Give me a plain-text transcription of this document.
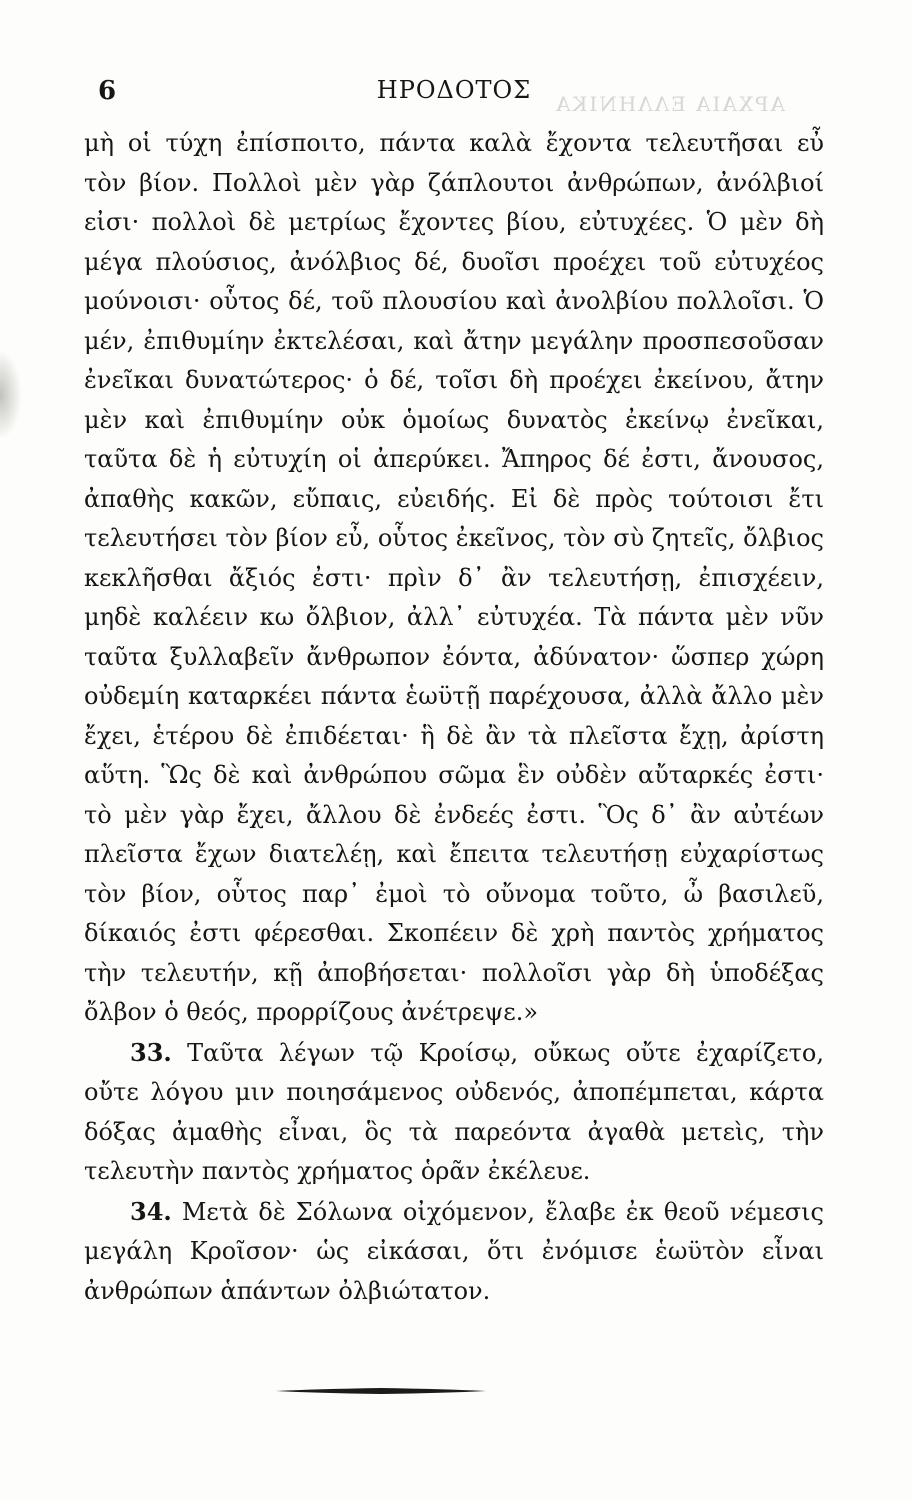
6	ΗΡΟΔΟΤΟΣ	ΑΡΧΑΙΑ ΕΛΛΗΝΙΚΑ

μὴ οἱ τύχη ἐπίσποιτο, πάντα καλὰ ἔχοντα τελευτῆσαι εὖ τὸν βίον. Πολλοὶ μὲν γὰρ ζάπλουτοι ἀνθρώπων, ἀνόλβιοί εἰσι· πολλοὶ δὲ μετρίως ἔχοντες βίου, εὐτυχέες. Ὁ μὲν δὴ μέγα πλούσιος, ἀνόλβιος δέ, δυοῖσι προέχει τοῦ εὐτυχέος μούνοισι· οὗτος δέ, τοῦ πλουσίου καὶ ἀνολβίου πολλοῖσι. Ὁ μέν, ἐπιθυμίην ἐκτελέσαι, καὶ ἄτην μεγάλην προσπεσοῦσαν ἐνεῖκαι δυνατώτερος· ὁ δέ, τοῖσι δὴ προέχει ἐκείνου, ἄτην μὲν καὶ ἐπιθυμίην οὐκ ὁμοίως δυνατὸς ἐκείνῳ ἐνεῖκαι, ταῦτα δὲ ἡ εὐτυχίη οἱ ἀπερύκει. Ἄπηρος δέ ἐστι, ἄνουσος, ἀπαθὴς κακῶν, εὔπαις, εὐειδής. Εἰ δὲ πρὸς τούτοισι ἔτι τελευτήσει τὸν βίον εὖ, οὗτος ἐκεῖνος, τὸν σὺ ζητεῖς, ὄλβιος κεκλῆσθαι ἄξιός ἐστι· πρὶν δ᾿ ἂν τελευτήσῃ, ἐπισχέειν, μηδὲ καλέειν κω ὄλβιον, ἀλλ᾿ εὐτυχέα. Τὰ πάντα μὲν νῦν ταῦτα ξυλλαβεῖν ἄνθρωπον ἐόντα, ἀδύνατον· ὥσπερ χώρη οὐδεμίη καταρκέει πάντα ἑωϋτῇ παρέχουσα, ἀλλὰ ἄλλο μὲν ἔχει, ἑτέρου δὲ ἐπιδέεται· ἣ δὲ ἂν τὰ πλεῖστα ἔχῃ, ἀρίστη αὕτη. Ὣς δὲ καὶ ἀνθρώπου σῶμα ἓν οὐδὲν αὔταρκές ἐστι· τὸ μὲν γὰρ ἔχει, ἄλλου δὲ ἐνδεές ἐστι. Ὃς δ᾿ ἂν αὐτέων πλεῖστα ἔχων διατελέῃ, καὶ ἔπειτα τελευτήσῃ εὐχαρίστως τὸν βίον, οὗτος παρ᾿ ἐμοὶ τὸ οὔνομα τοῦτο, ὦ βασιλεῦ, δίκαιός ἐστι φέρεσθαι. Σκοπέειν δὲ χρὴ παντὸς χρήματος τὴν τελευτήν, κῇ ἀποβήσεται· πολλοῖσι γὰρ δὴ ὑποδέξας ὄλβον ὁ θεός, προρρίζους ἀνέτρεψε.»

33. Ταῦτα λέγων τῷ Κροίσῳ, οὔκως οὔτε ἐχαρίζετο, οὔτε λόγου μιν ποιησάμενος οὐδενός, ἀποπέμπεται, κάρτα δόξας ἀμαθὴς εἶναι, ὃς τὰ παρεόντα ἀγαθὰ μετεὶς, τὴν τελευτὴν παντὸς χρήματος ὁρᾶν ἐκέλευε.

34. Μετὰ δὲ Σόλωνα οἰχόμενον, ἔλαβε ἐκ θεοῦ νέμεσις μεγάλη Κροῖσον· ὡς εἰκάσαι, ὅτι ἐνόμισε ἑωϋτὸν εἶναι ἀνθρώπων ἁπάντων ὀλβιώτατον.
